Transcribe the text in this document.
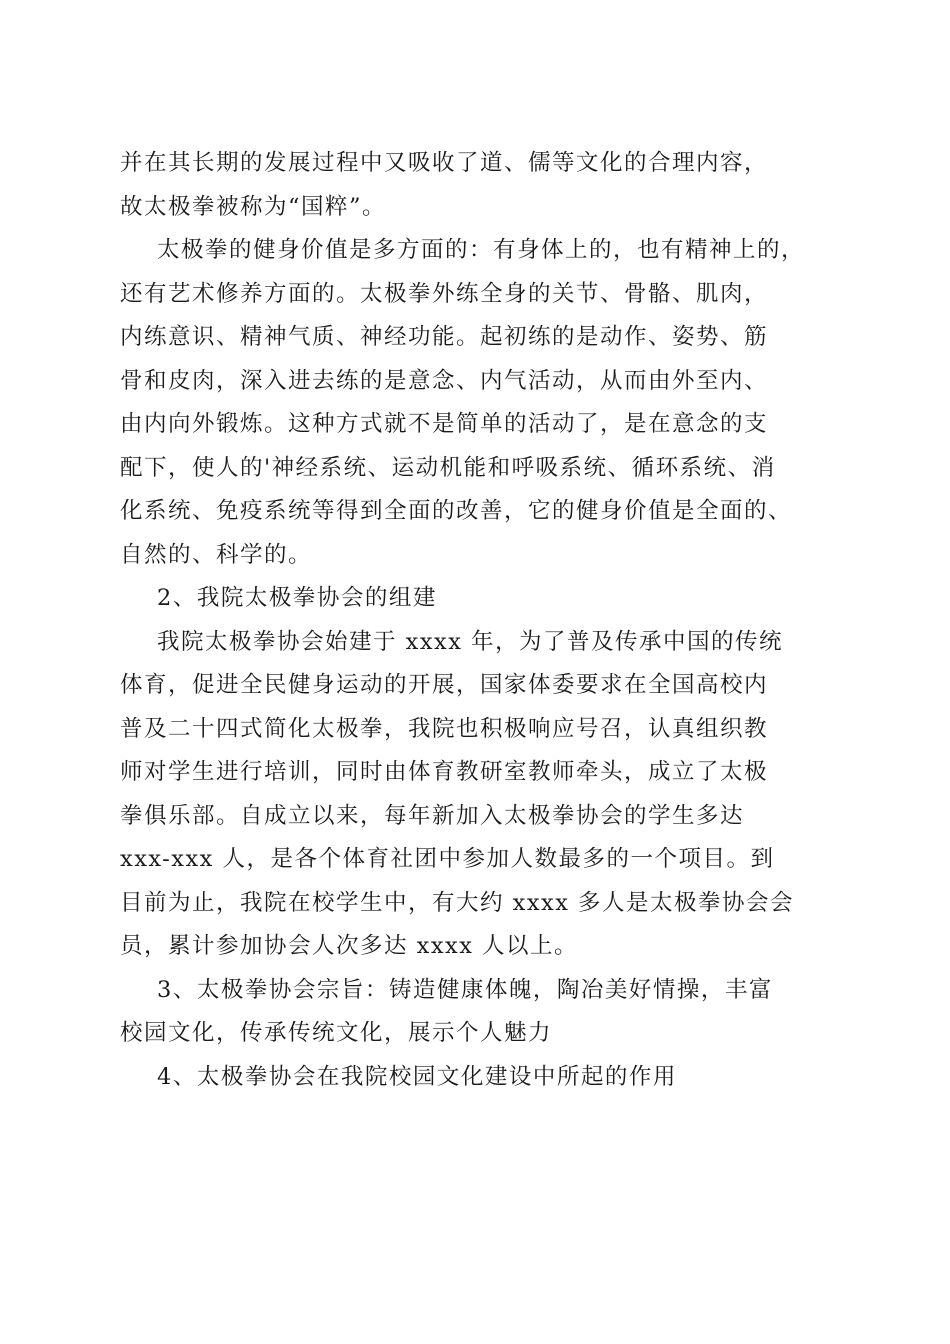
并在其长期的发展过程中又吸收了道、儒等文化的合理内容，
故太极拳被称为“国粹”。
太极拳的健身价值是多方面的：有身体上的，也有精神上的，
还有艺术修养方面的。太极拳外练全身的关节、骨骼、肌肉，
内练意识、精神气质、神经功能。起初练的是动作、姿势、筋
骨和皮肉，深入进去练的是意念、内气活动，从而由外至内、
由内向外锻炼。这种方式就不是简单的活动了，是在意念的支
配下，使人的'神经系统、运动机能和呼吸系统、循环系统、消
化系统、免疫系统等得到全面的改善，它的健身价值是全面的、
自然的、科学的。
2、我院太极拳协会的组建
我院太极拳协会始建于 xxxx 年，为了普及传承中国的传统
体育，促进全民健身运动的开展，国家体委要求在全国高校内
普及二十四式简化太极拳，我院也积极响应号召，认真组织教
师对学生进行培训，同时由体育教研室教师牵头，成立了太极
拳俱乐部。自成立以来，每年新加入太极拳协会的学生多达
xxx-xxx 人，是各个体育社团中参加人数最多的一个项目。到
目前为止，我院在校学生中，有大约 xxxx 多人是太极拳协会会
员，累计参加协会人次多达 xxxx 人以上。
3、太极拳协会宗旨：铸造健康体魄，陶冶美好情操，丰富
校园文化，传承传统文化，展示个人魅力
4、太极拳协会在我院校园文化建设中所起的作用
